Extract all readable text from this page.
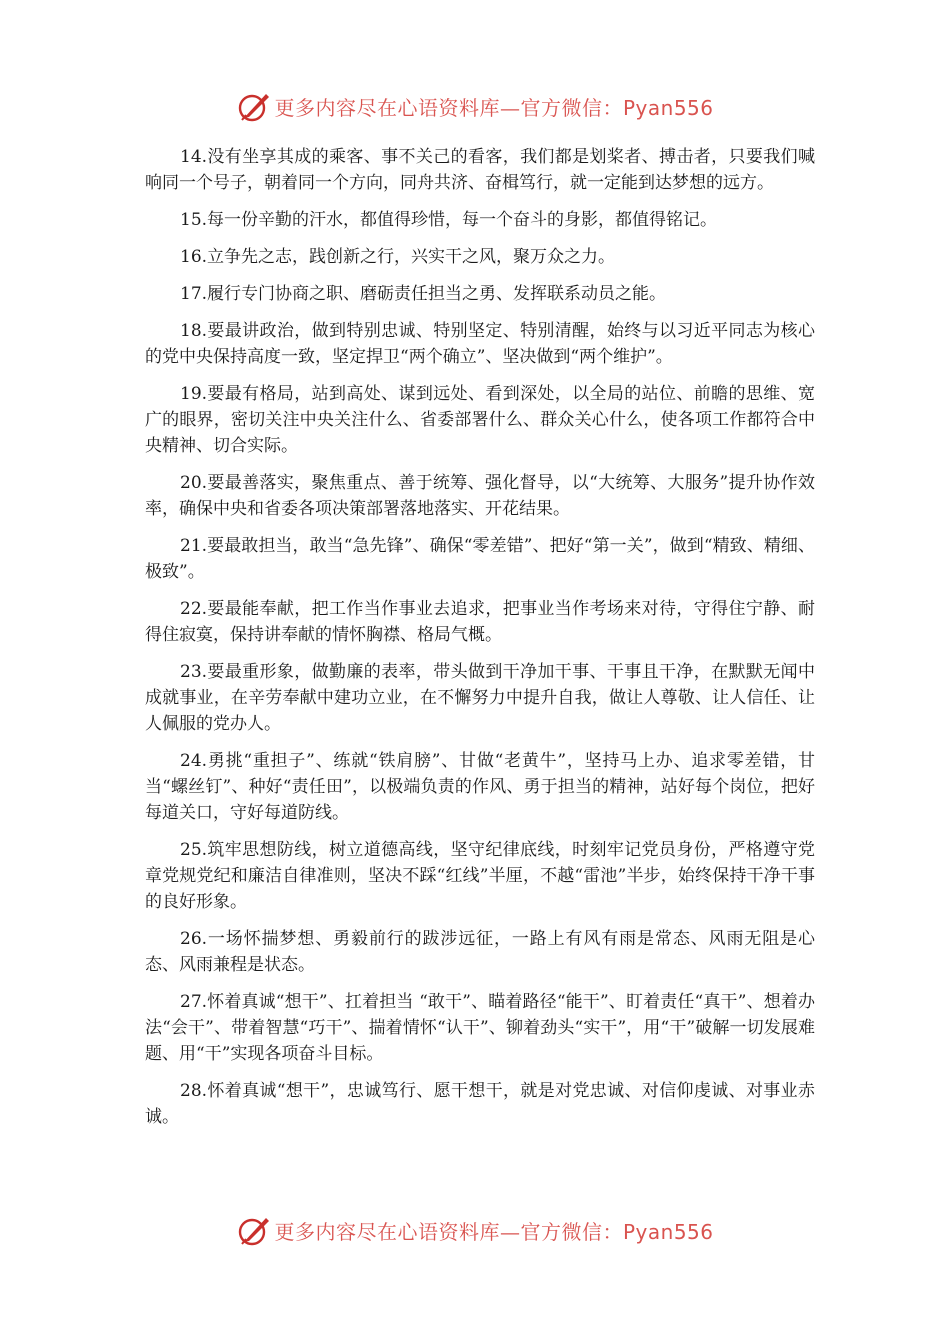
更多内容尽在心语资料库—官方微信：Pyan556

14.没有坐享其成的乘客、事不关己的看客，我们都是划桨者、搏击者，只要我们喊响同一个号子，朝着同一个方向，同舟共济、奋楫笃行，就一定能到达梦想的远方。

15.每一份辛勤的汗水，都值得珍惜，每一个奋斗的身影，都值得铭记。

16.立争先之志，践创新之行，兴实干之风，聚万众之力。

17.履行专门协商之职、磨砺责任担当之勇、发挥联系动员之能。

18.要最讲政治，做到特别忠诚、特别坚定、特别清醒，始终与以习近平同志为核心的党中央保持高度一致，坚定捍卫“两个确立”、坚决做到“两个维护”。

19.要最有格局，站到高处、谋到远处、看到深处，以全局的站位、前瞻的思维、宽广的眼界，密切关注中央关注什么、省委部署什么、群众关心什么，使各项工作都符合中央精神、切合实际。

20.要最善落实，聚焦重点、善于统筹、强化督导，以“大统筹、大服务”提升协作效率，确保中央和省委各项决策部署落地落实、开花结果。

21.要最敢担当，敢当“急先锋”、确保“零差错”、把好“第一关”，做到“精致、精细、极致”。

22.要最能奉献，把工作当作事业去追求，把事业当作考场来对待，守得住宁静、耐得住寂寞，保持讲奉献的情怀胸襟、格局气概。

23.要最重形象，做勤廉的表率，带头做到干净加干事、干事且干净，在默默无闻中成就事业，在辛劳奉献中建功立业，在不懈努力中提升自我，做让人尊敬、让人信任、让人佩服的党办人。

24.勇挑“重担子”、练就“铁肩膀”、甘做“老黄牛”，坚持马上办、追求零差错，甘当“螺丝钉”、种好“责任田”，以极端负责的作风、勇于担当的精神，站好每个岗位，把好每道关口，守好每道防线。

25.筑牢思想防线，树立道德高线，坚守纪律底线，时刻牢记党员身份，严格遵守党章党规党纪和廉洁自律准则，坚决不踩“红线”半厘，不越“雷池”半步，始终保持干净干事的良好形象。

26.一场怀揣梦想、勇毅前行的跋涉远征，一路上有风有雨是常态、风雨无阻是心态、风雨兼程是状态。

27.怀着真诚“想干”、扛着担当 “敢干”、瞄着路径“能干”、盯着责任“真干”、想着办法“会干”、带着智慧“巧干”、揣着情怀“认干”、铆着劲头“实干”，用“干”破解一切发展难题、用“干”实现各项奋斗目标。

28.怀着真诚“想干”，忠诚笃行、愿干想干，就是对党忠诚、对信仰虔诚、对事业赤诚。

更多内容尽在心语资料库—官方微信：Pyan556
